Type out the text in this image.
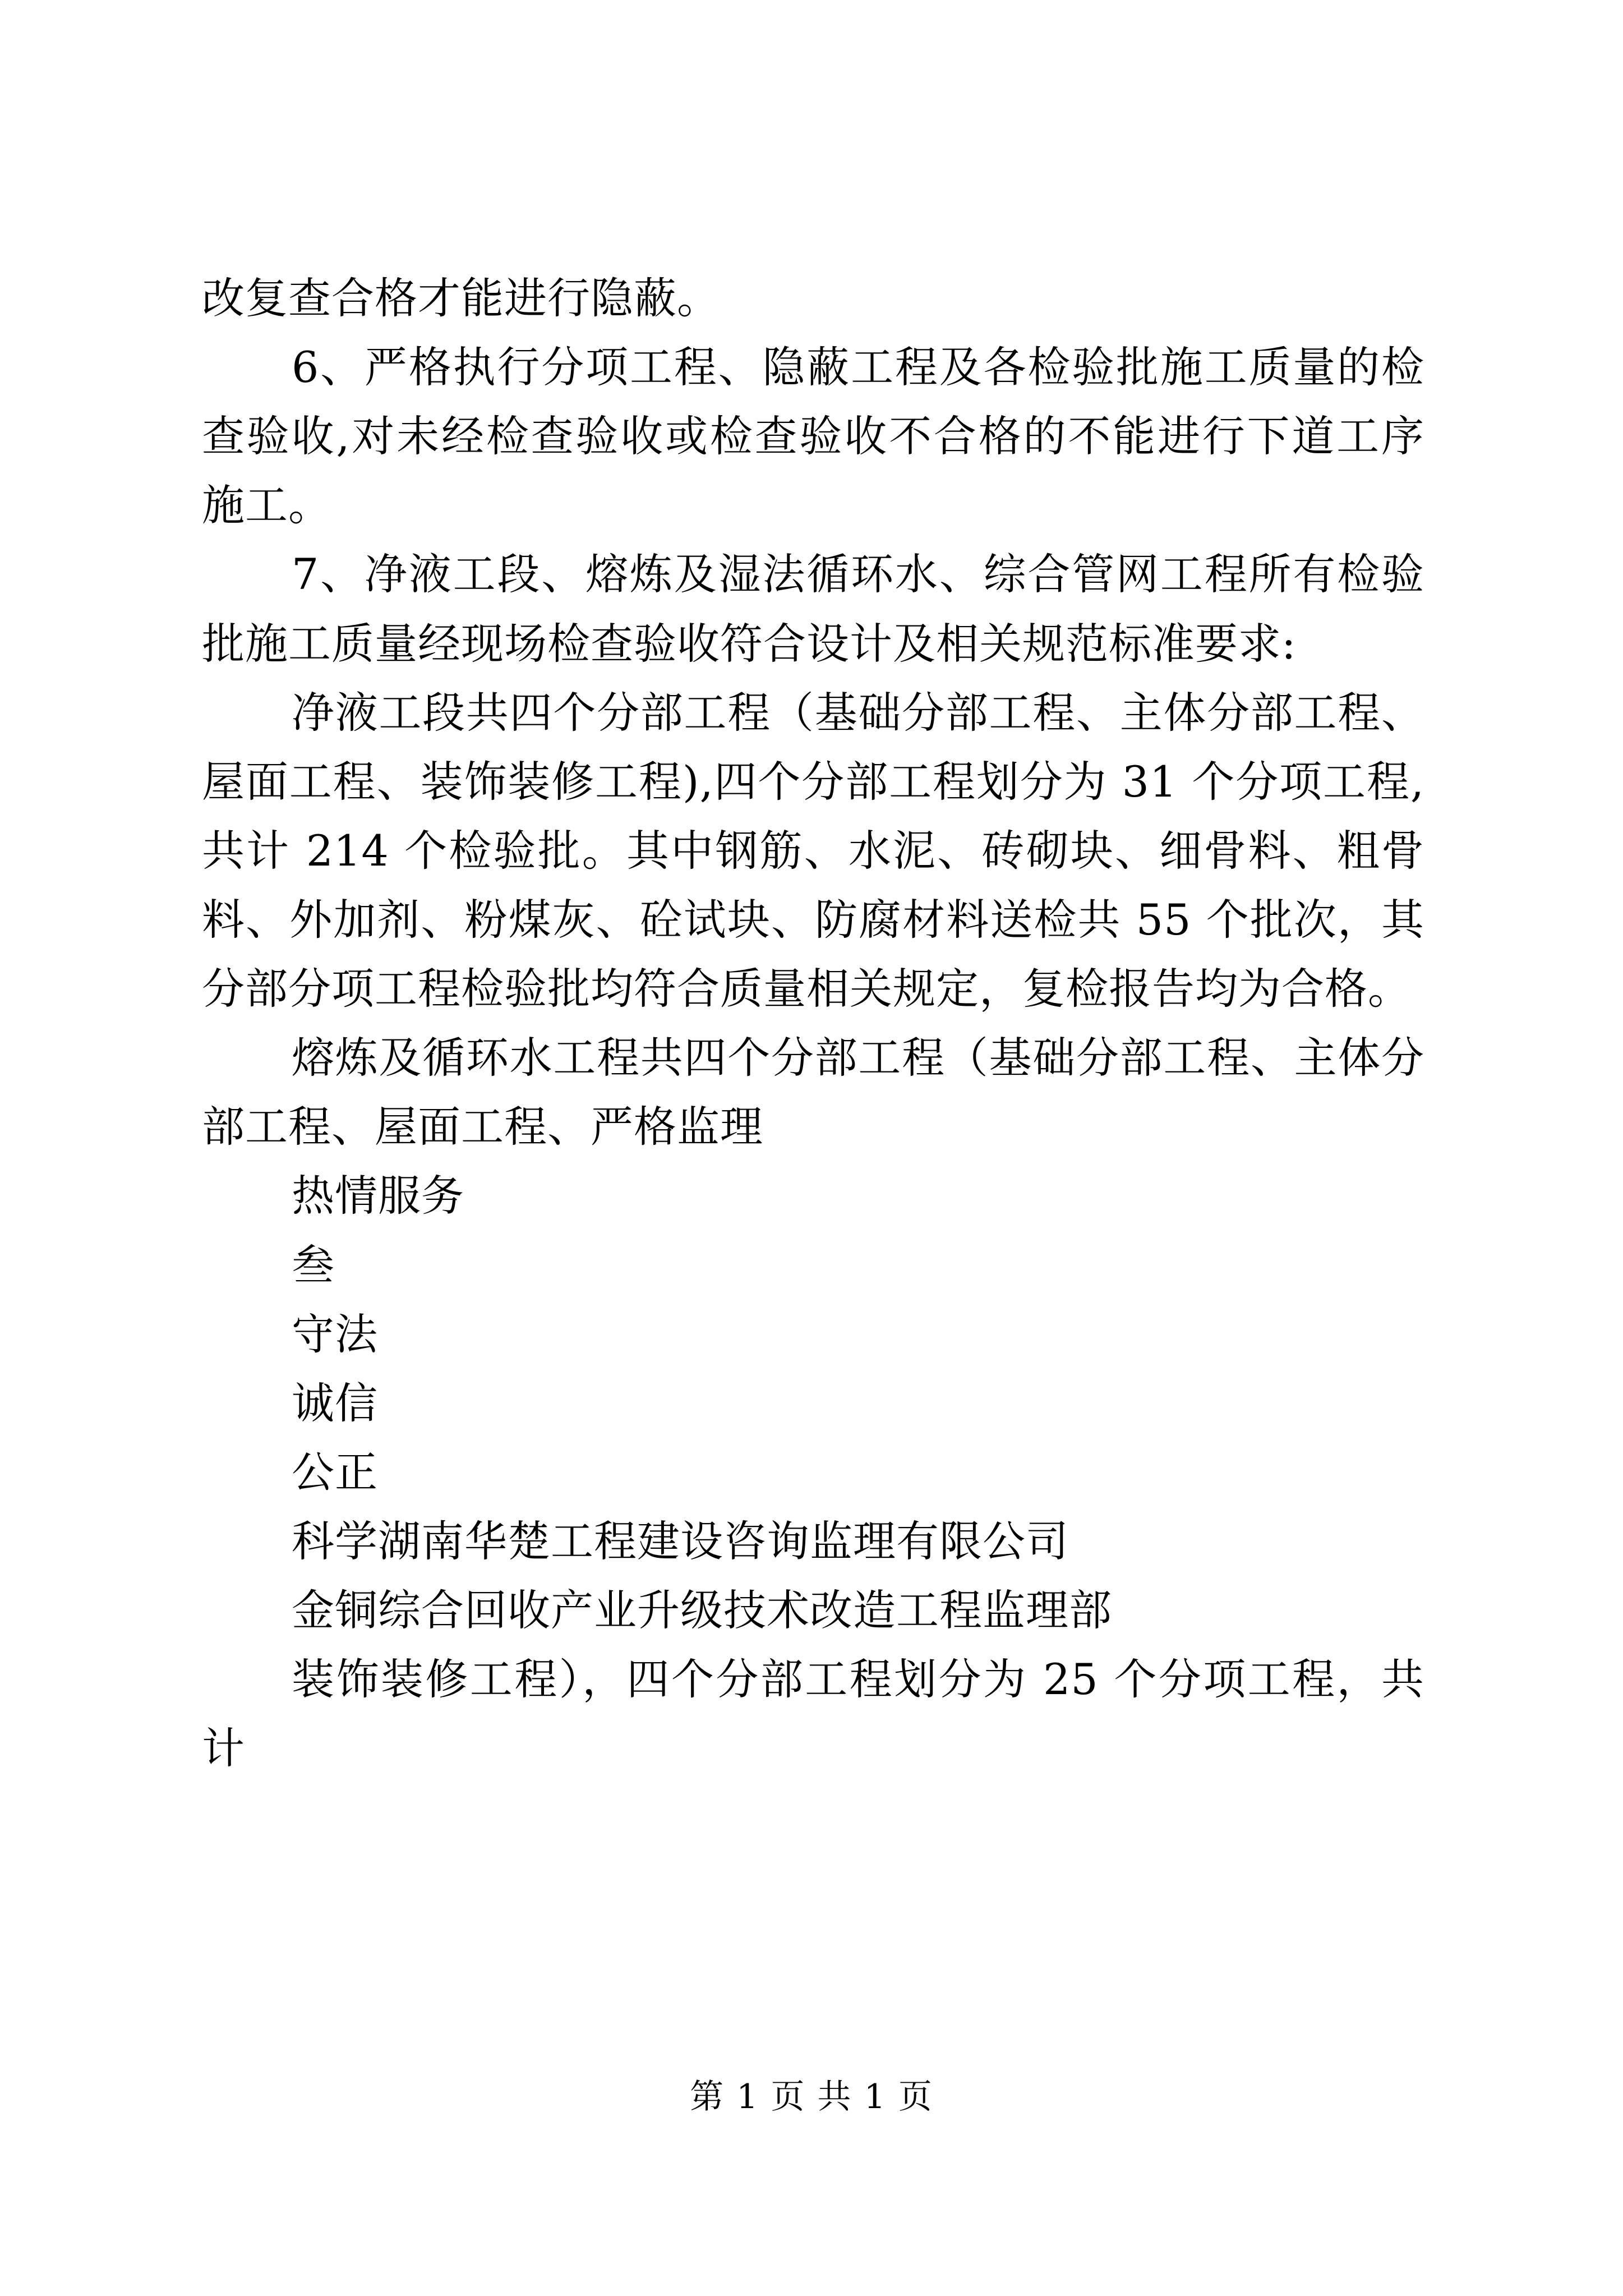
改复查合格才能进行隐蔽。

6、严格执行分项工程、隐蔽工程及各检验批施工质量的检查验收,对未经检查验收或检查验收不合格的不能进行下道工序施工。

7、净液工段、熔炼及湿法循环水、综合管网工程所有检验批施工质量经现场检查验收符合设计及相关规范标准要求:

净液工段共四个分部工程（基础分部工程、主体分部工程、屋面工程、装饰装修工程),四个分部工程划分为 31 个分项工程,共计 214 个检验批。其中钢筋、水泥、砖砌块、细骨料、粗骨料、外加剂、粉煤灰、砼试块、防腐材料送检共 55 个批次，其分部分项工程检验批均符合质量相关规定，复检报告均为合格。

熔炼及循环水工程共四个分部工程（基础分部工程、主体分部工程、屋面工程、严格监理

热情服务

叁

守法

诚信

公正

科学湖南华楚工程建设咨询监理有限公司

金铜综合回收产业升级技术改造工程监理部

装饰装修工程），四个分部工程划分为 25 个分项工程，共计

第 1 页 共 1 页
